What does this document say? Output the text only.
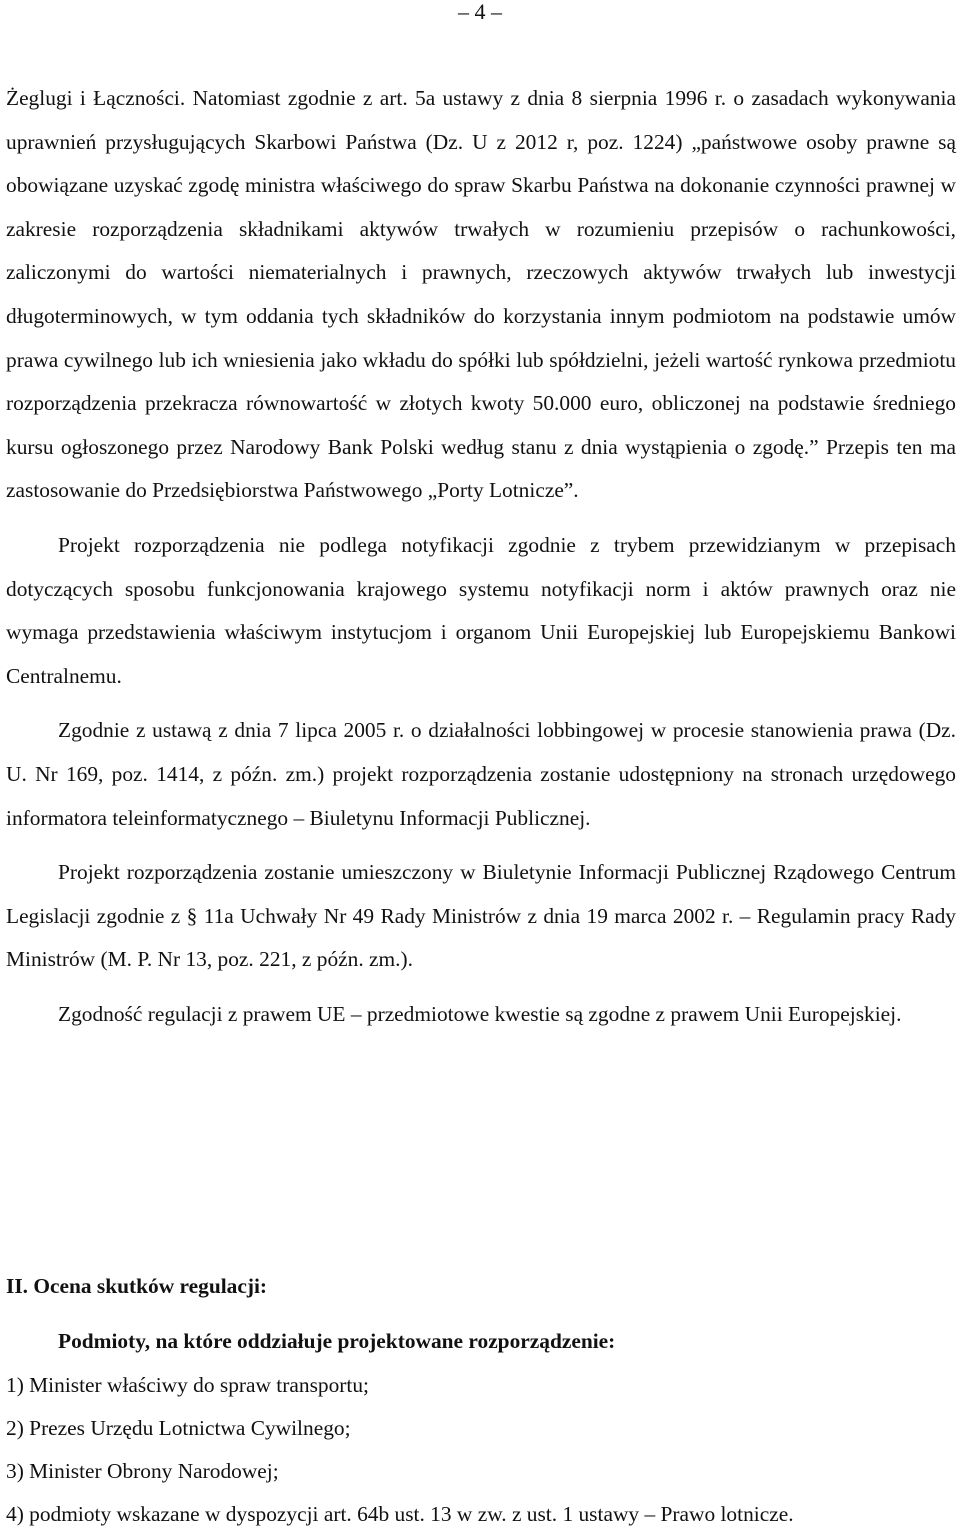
– 4 –

Żeglugi i Łączności. Natomiast zgodnie z art. 5a ustawy z dnia 8 sierpnia 1996 r. o zasadach wykonywania uprawnień przysługujących Skarbowi Państwa (Dz. U z 2012 r, poz. 1224) „państwowe osoby prawne są obowiązane uzyskać zgodę ministra właściwego do spraw Skarbu Państwa na dokonanie czynności prawnej w zakresie rozporządzenia składnikami aktywów trwałych w rozumieniu przepisów o rachunkowości, zaliczonymi do wartości niematerialnych i prawnych, rzeczowych aktywów trwałych lub inwestycji długoterminowych, w tym oddania tych składników do korzystania innym podmiotom na podstawie umów prawa cywilnego lub ich wniesienia jako wkładu do spółki lub spółdzielni, jeżeli wartość rynkowa przedmiotu rozporządzenia przekracza równowartość w złotych kwoty 50.000 euro, obliczonej na podstawie średniego kursu ogłoszonego przez Narodowy Bank Polski według stanu z dnia wystąpienia o zgodę.” Przepis ten ma zastosowanie do Przedsiębiorstwa Państwowego „Porty Lotnicze”.

Projekt rozporządzenia nie podlega notyfikacji zgodnie z trybem przewidzianym w przepisach dotyczących sposobu funkcjonowania krajowego systemu notyfikacji norm i aktów prawnych oraz nie wymaga przedstawienia właściwym instytucjom i organom Unii Europejskiej lub Europejskiemu Bankowi Centralnemu.

Zgodnie z ustawą z dnia 7 lipca 2005 r. o działalności lobbingowej w procesie stanowienia prawa (Dz. U. Nr 169, poz. 1414, z późn. zm.) projekt rozporządzenia zostanie udostępniony na stronach urzędowego informatora teleinformatycznego – Biuletynu Informacji Publicznej.

Projekt rozporządzenia zostanie umieszczony w Biuletynie Informacji Publicznej Rządowego Centrum Legislacji zgodnie z § 11a Uchwały Nr 49 Rady Ministrów z dnia 19 marca 2002 r. – Regulamin pracy Rady Ministrów (M. P. Nr 13, poz. 221, z późn. zm.).

Zgodność regulacji z prawem UE – przedmiotowe kwestie są zgodne z prawem Unii Europejskiej.

II. Ocena skutków regulacji:
Podmioty, na które oddziałuje projektowane rozporządzenie:
1) Minister właściwy do spraw transportu;
2) Prezes Urzędu Lotnictwa Cywilnego;
3) Minister Obrony Narodowej;
4) podmioty wskazane w dyspozycji art. 64b ust. 13 w zw. z ust. 1 ustawy – Prawo lotnicze.
